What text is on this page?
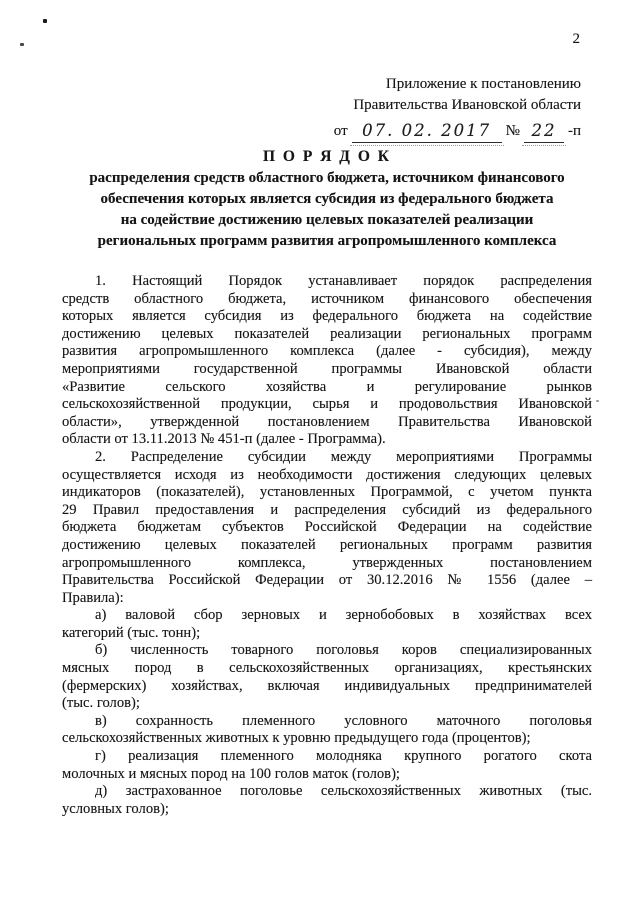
2
Приложение к постановлению
Правительства Ивановской области
от 07. 02. 2017 № 22 -п
П О Р Я Д О К
распределения средств областного бюджета, источником финансового
обеспечения которых является субсидия из федерального бюджета
на содействие достижению целевых показателей реализации
региональных программ развития агропромышленного комплекса
1. Настоящий Порядок устанавливает порядок распределения
средств областного бюджета, источником финансового обеспечения
которых является субсидия из федерального бюджета на содействие
достижению целевых показателей реализации региональных программ
развития агропромышленного комплекса (далее - субсидия), между
мероприятиями государственной программы Ивановской области
«Развитие сельского хозяйства и регулирование рынков
сельскохозяйственной продукции, сырья и продовольствия Ивановской
области», утвержденной постановлением Правительства Ивановской
области от 13.11.2013 № 451-п (далее - Программа).
2. Распределение субсидии между мероприятиями Программы
осуществляется исходя из необходимости достижения следующих целевых
индикаторов (показателей), установленных Программой, с учетом пункта
29 Правил предоставления и распределения субсидий из федерального
бюджета бюджетам субъектов Российской Федерации на содействие
достижению целевых показателей региональных программ развития
агропромышленного комплекса, утвержденных постановлением
Правительства Российской Федерации от 30.12.2016 № 1556 (далее –
Правила):
а) валовой сбор зерновых и зернобобовых в хозяйствах всех
категорий (тыс. тонн);
б) численность товарного поголовья коров специализированных
мясных пород в сельскохозяйственных организациях, крестьянских
(фермерских) хозяйствах, включая индивидуальных предпринимателей
(тыс. голов);
в) сохранность племенного условного маточного поголовья
сельскохозяйственных животных к уровню предыдущего года (процентов);
г) реализация племенного молодняка крупного рогатого скота
молочных и мясных пород на 100 голов маток (голов);
д) застрахованное поголовье сельскохозяйственных животных (тыс.
условных голов);
